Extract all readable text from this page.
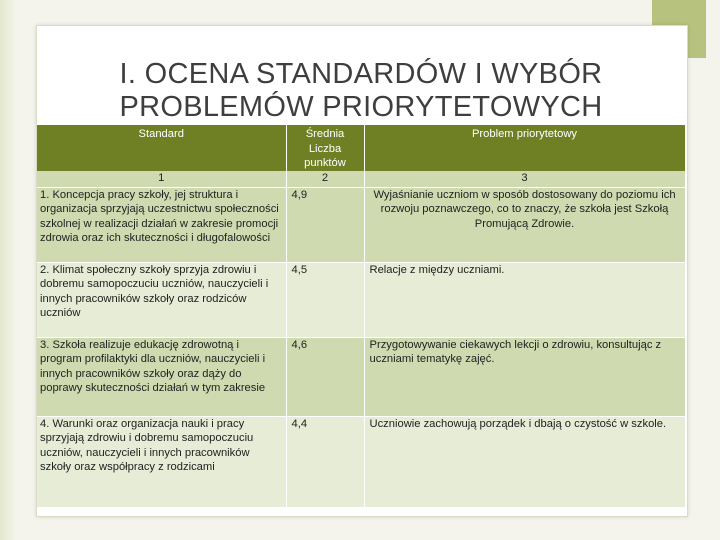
I. OCENA STANDARDÓW I WYBÓR PROBLEMÓW PRIORYTETOWYCH
Standard	Średnia Liczba punktów	Problem priorytetowy
1	2	3
1. Koncepcja pracy szkoły, jej struktura i organizacja sprzyjają uczestnictwu społeczności szkolnej w realizacji działań w zakresie promocji zdrowia oraz ich skuteczności i długofalowości	4,9	Wyjaśnianie uczniom w sposób dostosowany do poziomu ich rozwoju poznawczego, co to znaczy, że szkoła jest Szkołą Promującą Zdrowie.
2. Klimat społeczny szkoły sprzyja zdrowiu i dobremu samopoczuciu uczniów, nauczycieli i innych pracowników szkoły oraz rodziców uczniów	4,5	Relacje z między uczniami.
3. Szkoła realizuje edukację zdrowotną i program profilaktyki dla uczniów, nauczycieli i innych pracowników szkoły oraz dąży do poprawy skuteczności działań w tym zakresie	4,6	Przygotowywanie ciekawych lekcji o zdrowiu, konsultując z uczniami tematykę zajęć.
4. Warunki oraz organizacja nauki i pracy sprzyjają zdrowiu i dobremu samopoczuciu uczniów, nauczycieli i innych pracowników szkoły oraz współpracy z rodzicami	4,4	Uczniowie zachowują porządek i dbają o czystość w szkole.
